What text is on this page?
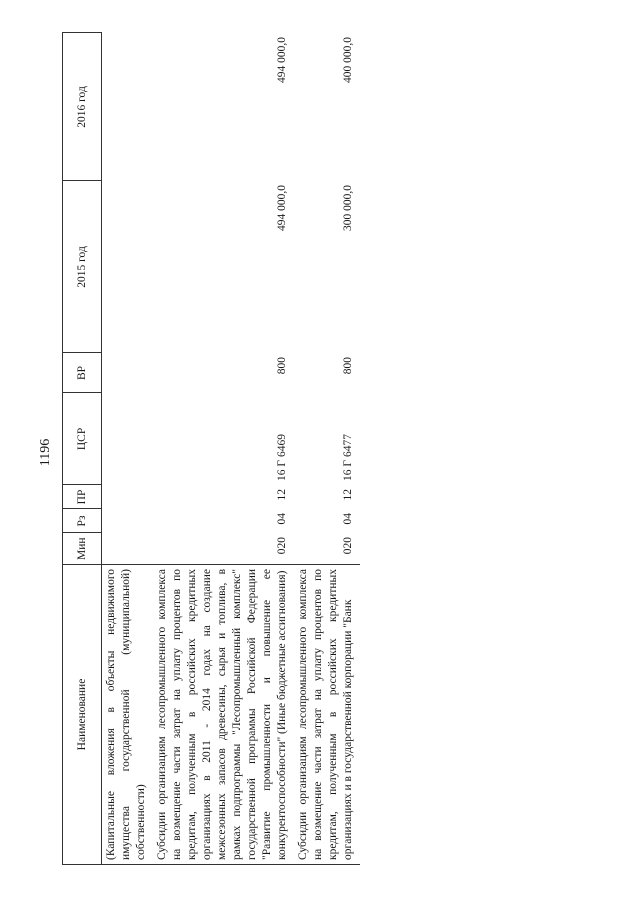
1196
Наименование	Мин	Рз	ПР	ЦСР	ВР	2015 год	2016 год
(Капитальные вложения в объекты недвижимого имущества государственной (муниципальной) собственности)							
Субсидии организациям лесопромышленного комплекса на возмещение части затрат на уплату процентов по кредитам, полученным в российских кредитных организациях в 2011 - 2014 годах на создание межсезонных запасов древесины, сырья и топлива, в рамках подпрограммы "Лесопромышленный комплекс" государственной программы Российской Федерации "Развитие промышленности и повышение ее конкурентоспособности" (Иные бюджетные ассигнования)	020	04	12	16 Г 6469	800	494 000,0	494 000,0
Субсидии организациям лесопромышленного комплекса на возмещение части затрат на уплату процентов по кредитам, полученным в российских кредитных организациях и в государственной корпорации "Банк	020	04	12	16 Г 6477	800	300 000,0	400 000,0
